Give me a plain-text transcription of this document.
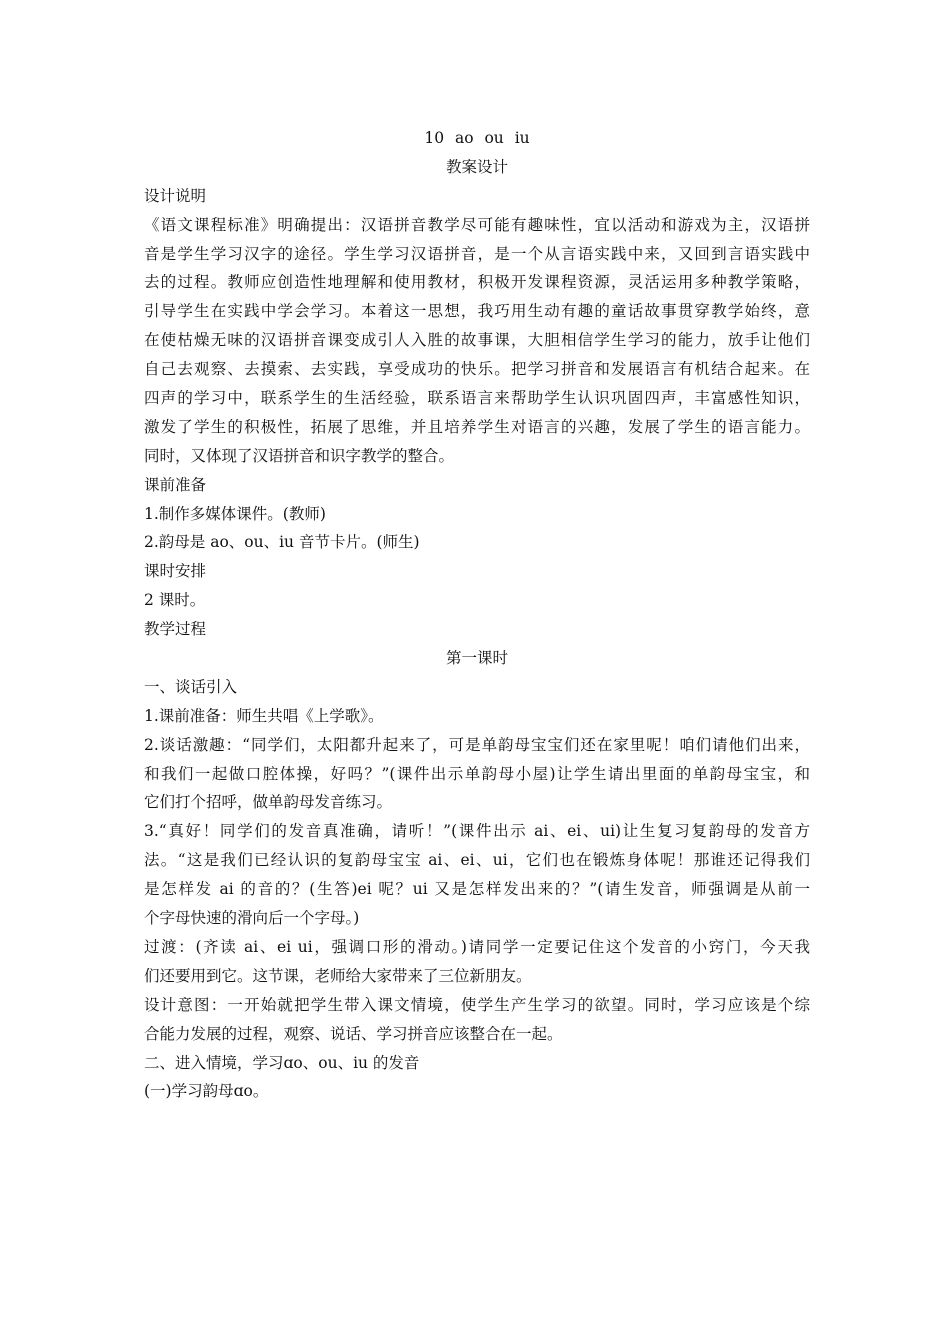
10 ao ou iu
教案设计
设计说明
《语文课程标准》明确提出：汉语拼音教学尽可能有趣味性，宜以活动和游戏为主，汉语拼
音是学生学习汉字的途径。学生学习汉语拼音，是一个从言语实践中来，又回到言语实践中
去的过程。教师应创造性地理解和使用教材，积极开发课程资源，灵活运用多种教学策略，
引导学生在实践中学会学习。本着这一思想，我巧用生动有趣的童话故事贯穿教学始终，意
在使枯燥无味的汉语拼音课变成引人入胜的故事课，大胆相信学生学习的能力，放手让他们
自己去观察、去摸索、去实践，享受成功的快乐。把学习拼音和发展语言有机结合起来。在
四声的学习中，联系学生的生活经验，联系语言来帮助学生认识巩固四声，丰富感性知识，
激发了学生的积极性，拓展了思维，并且培养学生对语言的兴趣，发展了学生的语言能力。
同时，又体现了汉语拼音和识字教学的整合。
课前准备
1.制作多媒体课件。(教师)
2.韵母是 ao、ou、iu 音节卡片。(师生)
课时安排
2 课时。
教学过程
第一课时
一、谈话引入
1.课前准备：师生共唱《上学歌》。
2.谈话激趣：“同学们，太阳都升起来了，可是单韵母宝宝们还在家里呢！咱们请他们出来，
和我们一起做口腔体操，好吗？”(课件出示单韵母小屋)让学生请出里面的单韵母宝宝，和
它们打个招呼，做单韵母发音练习。
3.“真好！同学们的发音真准确，请听！”(课件出示 ai、ei、ui)让生复习复韵母的发音方
法。“这是我们已经认识的复韵母宝宝 ai、ei、ui，它们也在锻炼身体呢！那谁还记得我们
是怎样发 ai 的音的？(生答)ei 呢？ui 又是怎样发出来的？”(请生发音，师强调是从前一
个字母快速的滑向后一个字母。)
过渡：(齐读 ai、ei ui，强调口形的滑动。)请同学一定要记住这个发音的小窍门，今天我
们还要用到它。这节课，老师给大家带来了三位新朋友。
设计意图：一开始就把学生带入课文情境，使学生产生学习的欲望。同时，学习应该是个综
合能力发展的过程，观察、说话、学习拼音应该整合在一起。
二、进入情境，学习ɑo、ou、iu 的发音
(一)学习韵母ɑo。
